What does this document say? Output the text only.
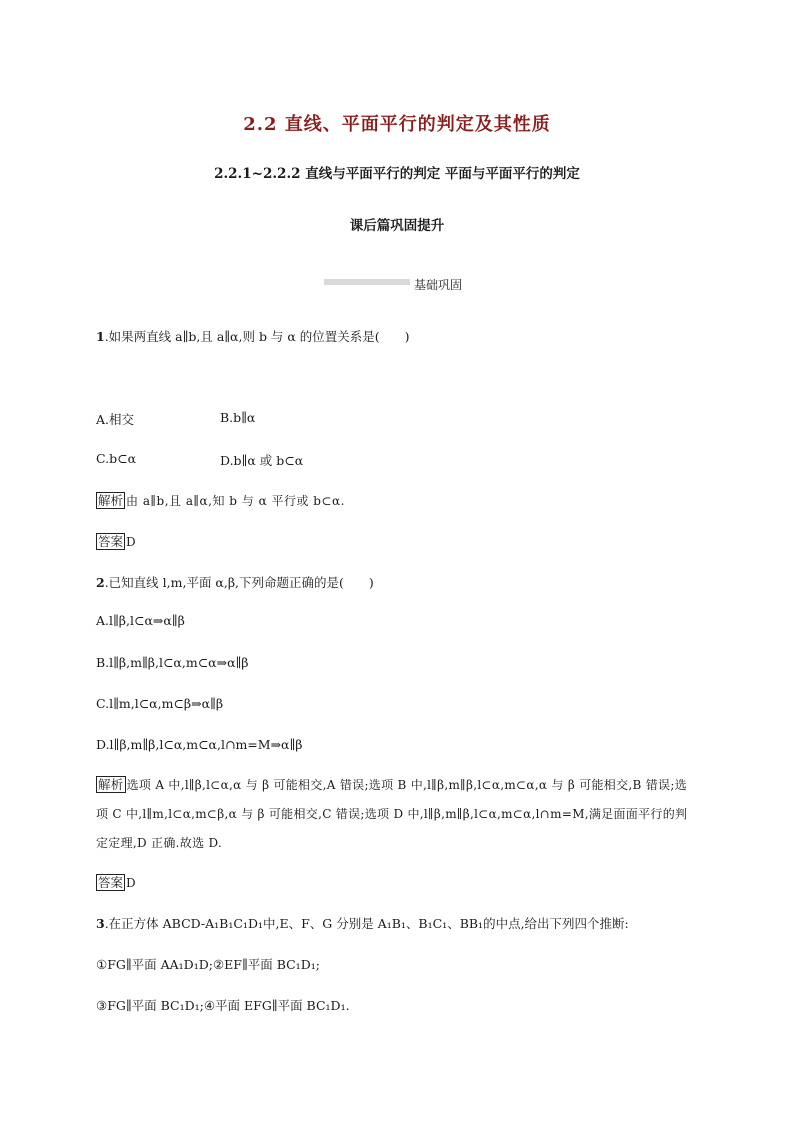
2.2 直线、平面平行的判定及其性质
2.2.1~2.2.2 直线与平面平行的判定 平面与平面平行的判定
课后篇巩固提升
基础巩固
1.如果两直线 a∥b,且 a∥α,则 b 与 α 的位置关系是(　　)
A.相交	B.b∥α
C.b⊂α	D.b∥α 或 b⊂α
解析 由 a∥b,且 a∥α,知 b 与 α 平行或 b⊂α.
答案 D
2.已知直线 l,m,平面 α,β,下列命题正确的是(　　)
A.l∥β,l⊂α⇒α∥β
B.l∥β,m∥β,l⊂α,m⊂α⇒α∥β
C.l∥m,l⊂α,m⊂β⇒α∥β
D.l∥β,m∥β,l⊂α,m⊂α,l∩m=M⇒α∥β
解析 选项 A 中,l∥β,l⊂α,α 与 β 可能相交,A 错误;选项 B 中,l∥β,m∥β,l⊂α,m⊂α,α 与 β 可能相交,B 错误;选项 C 中,l∥m,l⊂α,m⊂β,α 与 β 可能相交,C 错误;选项 D 中,l∥β,m∥β,l⊂α,m⊂α,l∩m=M,满足面面平行的判定定理,D 正确.故选 D.
答案 D
3.在正方体 ABCD-A₁B₁C₁D₁中,E、F、G 分别是 A₁B₁、B₁C₁、BB₁的中点,给出下列四个推断:
①FG∥平面 AA₁D₁D;②EF∥平面 BC₁D₁;
③FG∥平面 BC₁D₁;④平面 EFG∥平面 BC₁D₁.
